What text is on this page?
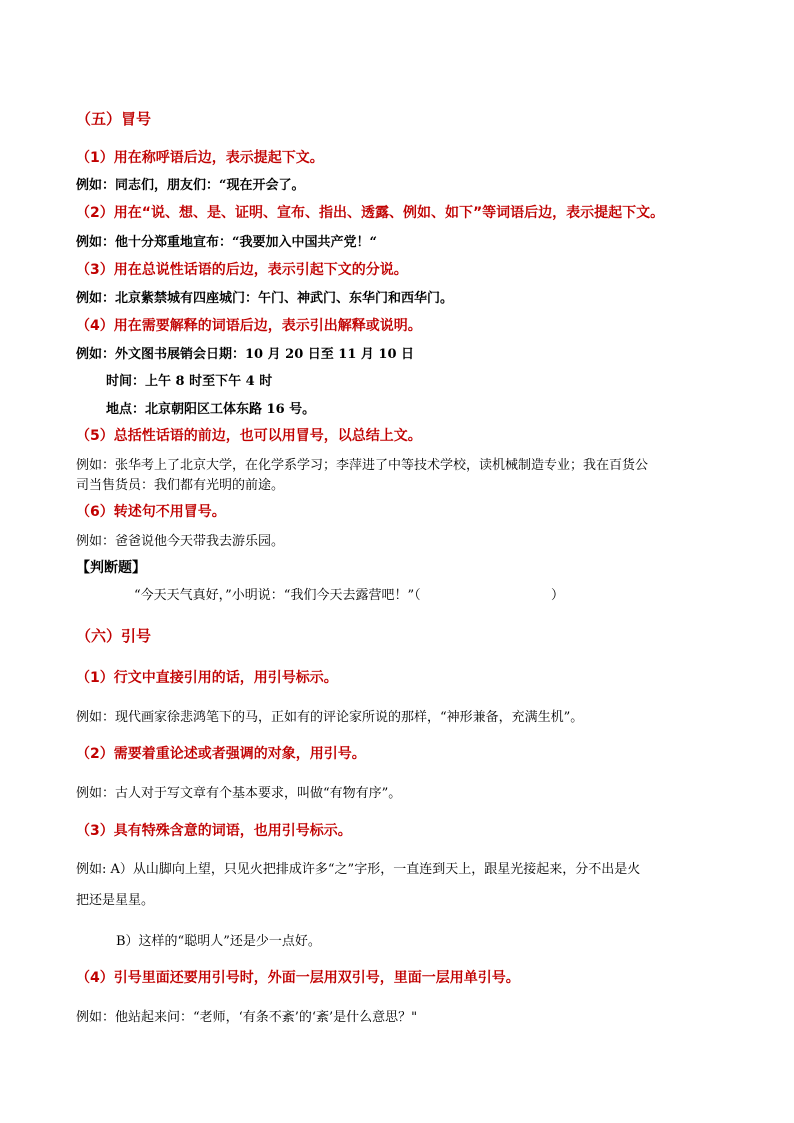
（五）冒号
（1）用在称呼语后边，表示提起下文。
例如：同志们，朋友们：“现在开会了。
（2）用在“说、想、是、证明、宣布、指出、透露、例如、如下”等词语后边，表示提起下文。
例如：他十分郑重地宣布：“我要加入中国共产党！“
（3）用在总说性话语的后边，表示引起下文的分说。
例如：北京紫禁城有四座城门：午门、神武门、东华门和西华门。
（4）用在需要解释的词语后边，表示引出解释或说明。
例如：外文图书展销会日期：10 月 20 日至 11 月 10 日
时间：上午 8 时至下午 4 时
地点：北京朝阳区工体东路 16 号。
（5）总括性话语的前边，也可以用冒号，以总结上文。
例如：张华考上了北京大学，在化学系学习；李萍进了中等技术学校，读机械制造专业；我在百货公
司当售货员：我们都有光明的前途。
（6）转述句不用冒号。
例如：爸爸说他今天带我去游乐园。
【判断题】
“今天天气真好，”小明说：“我们今天去露营吧！”（	）
（六）引号
（1）行文中直接引用的话，用引号标示。
例如：现代画家徐悲鸿笔下的马，正如有的评论家所说的那样，“神形兼备，充满生机”。
（2）需要着重论述或者强调的对象，用引号。
例如：古人对于写文章有个基本要求，叫做“有物有序”。
（3）具有特殊含意的词语，也用引号标示。
例如: A）从山脚向上望，只见火把排成许多“之”字形，一直连到天上，跟星光接起来，分不出是火
把还是星星。
B）这样的“聪明人”还是少一点好。
（4）引号里面还要用引号时，外面一层用双引号，里面一层用单引号。
例如：他站起来问：“老师，‘有条不紊’的‘紊’是什么意思？"
